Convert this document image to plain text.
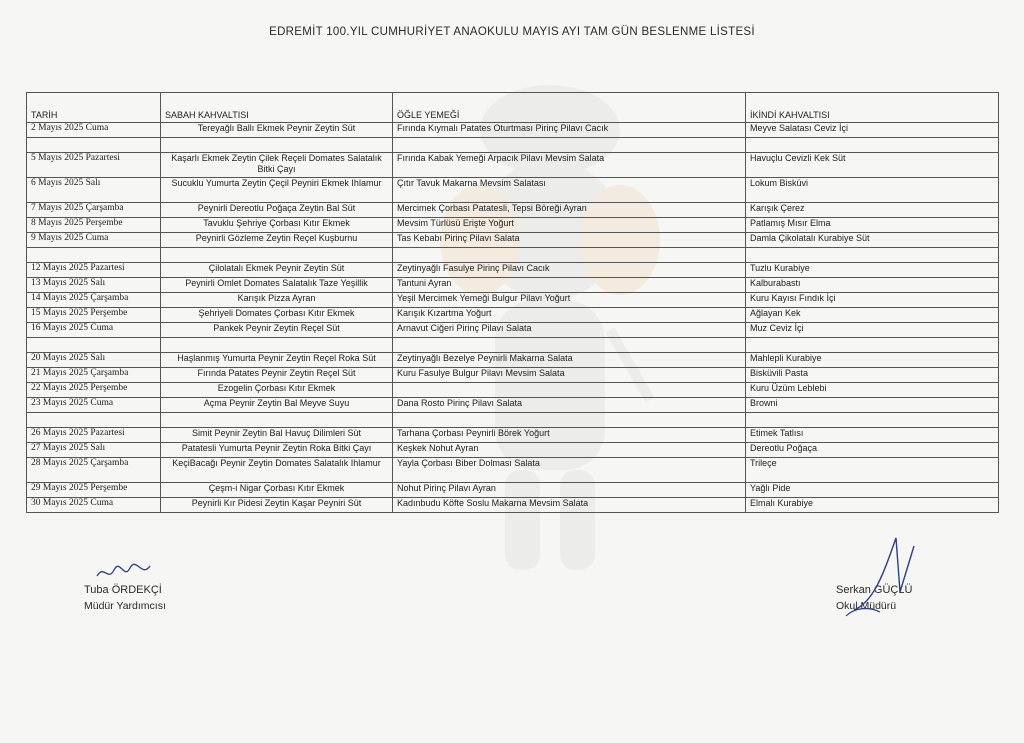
EDREMİT 100.YIL CUMHURİYET ANAOKULU MAYIS AYI TAM GÜN BESLENME LİSTESİ
TARİH	SABAH KAHVALTISI	ÖĞLE YEMEĞİ	İKİNDİ KAHVALTISI
2 Mayıs 2025 Cuma	Tereyağlı Ballı Ekmek Peynir Zeytin Süt	Fırında Kıymalı Patates Oturtması Pirinç Pilavı Cacık	Meyve Salatası Ceviz İçi

5 Mayıs 2025 Pazartesi	Kaşarlı Ekmek Zeytin Çilek Reçeli Domates Salatalık Bitki Çayı	Fırında Kabak Yemeği Arpacık Pilavı Mevsim Salata	Havuçlu Cevizli Kek Süt
6 Mayıs 2025 Salı	Sucuklu Yumurta Zeytin Çeçil Peyniri Ekmek Ihlamur	Çıtır Tavuk Makarna Mevsim Salatası	Lokum Bisküvi
7 Mayıs 2025 Çarşamba	Peynirli Dereotlu Poğaça Zeytin Bal Süt	Mercimek Çorbası Patatesli, Tepsi Böreği Ayran	Karışık Çerez
8 Mayıs 2025 Perşembe	Tavuklu Şehriye Çorbası Kıtır Ekmek	Mevsim Türlüsü Erişte Yoğurt	Patlamış Mısır Elma
9 Mayıs 2025 Cuma	Peynirli Gözleme Zeytin Reçel Kuşburnu	Tas Kebabı Pirinç Pilavı Salata	Damla Çikolatalı Kurabiye Süt

12 Mayıs 2025 Pazartesi	Çilolatalı Ekmek Peynir Zeytin Süt	Zeytinyağlı Fasulye Pirinç Pilavı Cacık	Tuzlu Kurabiye
13 Mayıs 2025 Salı	Peynirli Omlet Domates Salatalık Taze Yeşillik	Tantuni Ayran	Kalburabastı
14 Mayıs 2025 Çarşamba	Karışık Pizza Ayran	Yeşil Mercimek Yemeği Bulgur Pilavı Yoğurt	Kuru Kayısı Fındık İçi
15 Mayıs 2025 Perşembe	Şehriyeli Domates Çorbası Kıtır Ekmek	Karışık Kızartma Yoğurt	Ağlayan Kek
16 Mayıs 2025 Cuma	Pankek Peynir Zeytin Reçel Süt	Arnavut Ciğeri Pirinç Pilavı Salata	Muz Ceviz İçi

20 Mayıs 2025 Salı	Haşlanmış Yumurta Peynir Zeytin Reçel Roka Süt	Zeytinyağlı Bezelye Peynirli Makarna Salata	Mahlepli Kurabiye
21 Mayıs 2025 Çarşamba	Fırında Patates Peynir Zeytin Reçel Süt	Kuru Fasulye Bulgur Pilavı Mevsim Salata	Bisküvili Pasta
22 Mayıs 2025 Perşembe	Ezogelin Çorbası Kıtır Ekmek		Kuru Üzüm Leblebi
23 Mayıs 2025 Cuma	Açma Peynir Zeytin Bal Meyve Suyu	Dana Rosto Pirinç Pilavı Salata	Browni

26 Mayıs 2025 Pazartesi	Simit Peynir Zeytin Bal Havuç Dilimleri Süt	Tarhana Çorbası Peynirli Börek Yoğurt	Etimek Tatlısı
27 Mayıs 2025 Salı	Patatesli Yumurta Peynir Zeytin Roka Bitki Çayı	Keşkek Nohut Ayran	Dereotlu Poğaça
28 Mayıs 2025 Çarşamba	KeçiBacağı Peynir Zeytin Domates Salatalık Ihlamur	Yayla Çorbası Biber Dolması Salata	Trileçe
29 Mayıs 2025 Perşembe	Çeşm-i Nigar Çorbası Kıtır Ekmek	Nohut Pirinç Pilavı Ayran	Yağlı Pide
30 Mayıs 2025 Cuma	Peynirli Kır Pidesi Zeytin Kaşar Peyniri Süt	Kadınbudu Köfte Soslu Makarna Mevsim Salata	Elmalı Kurabiye
Tuba ÖRDEKÇİ
Müdür Yardımcısı
Serkan GÜÇLÜ
Okul Müdürü
